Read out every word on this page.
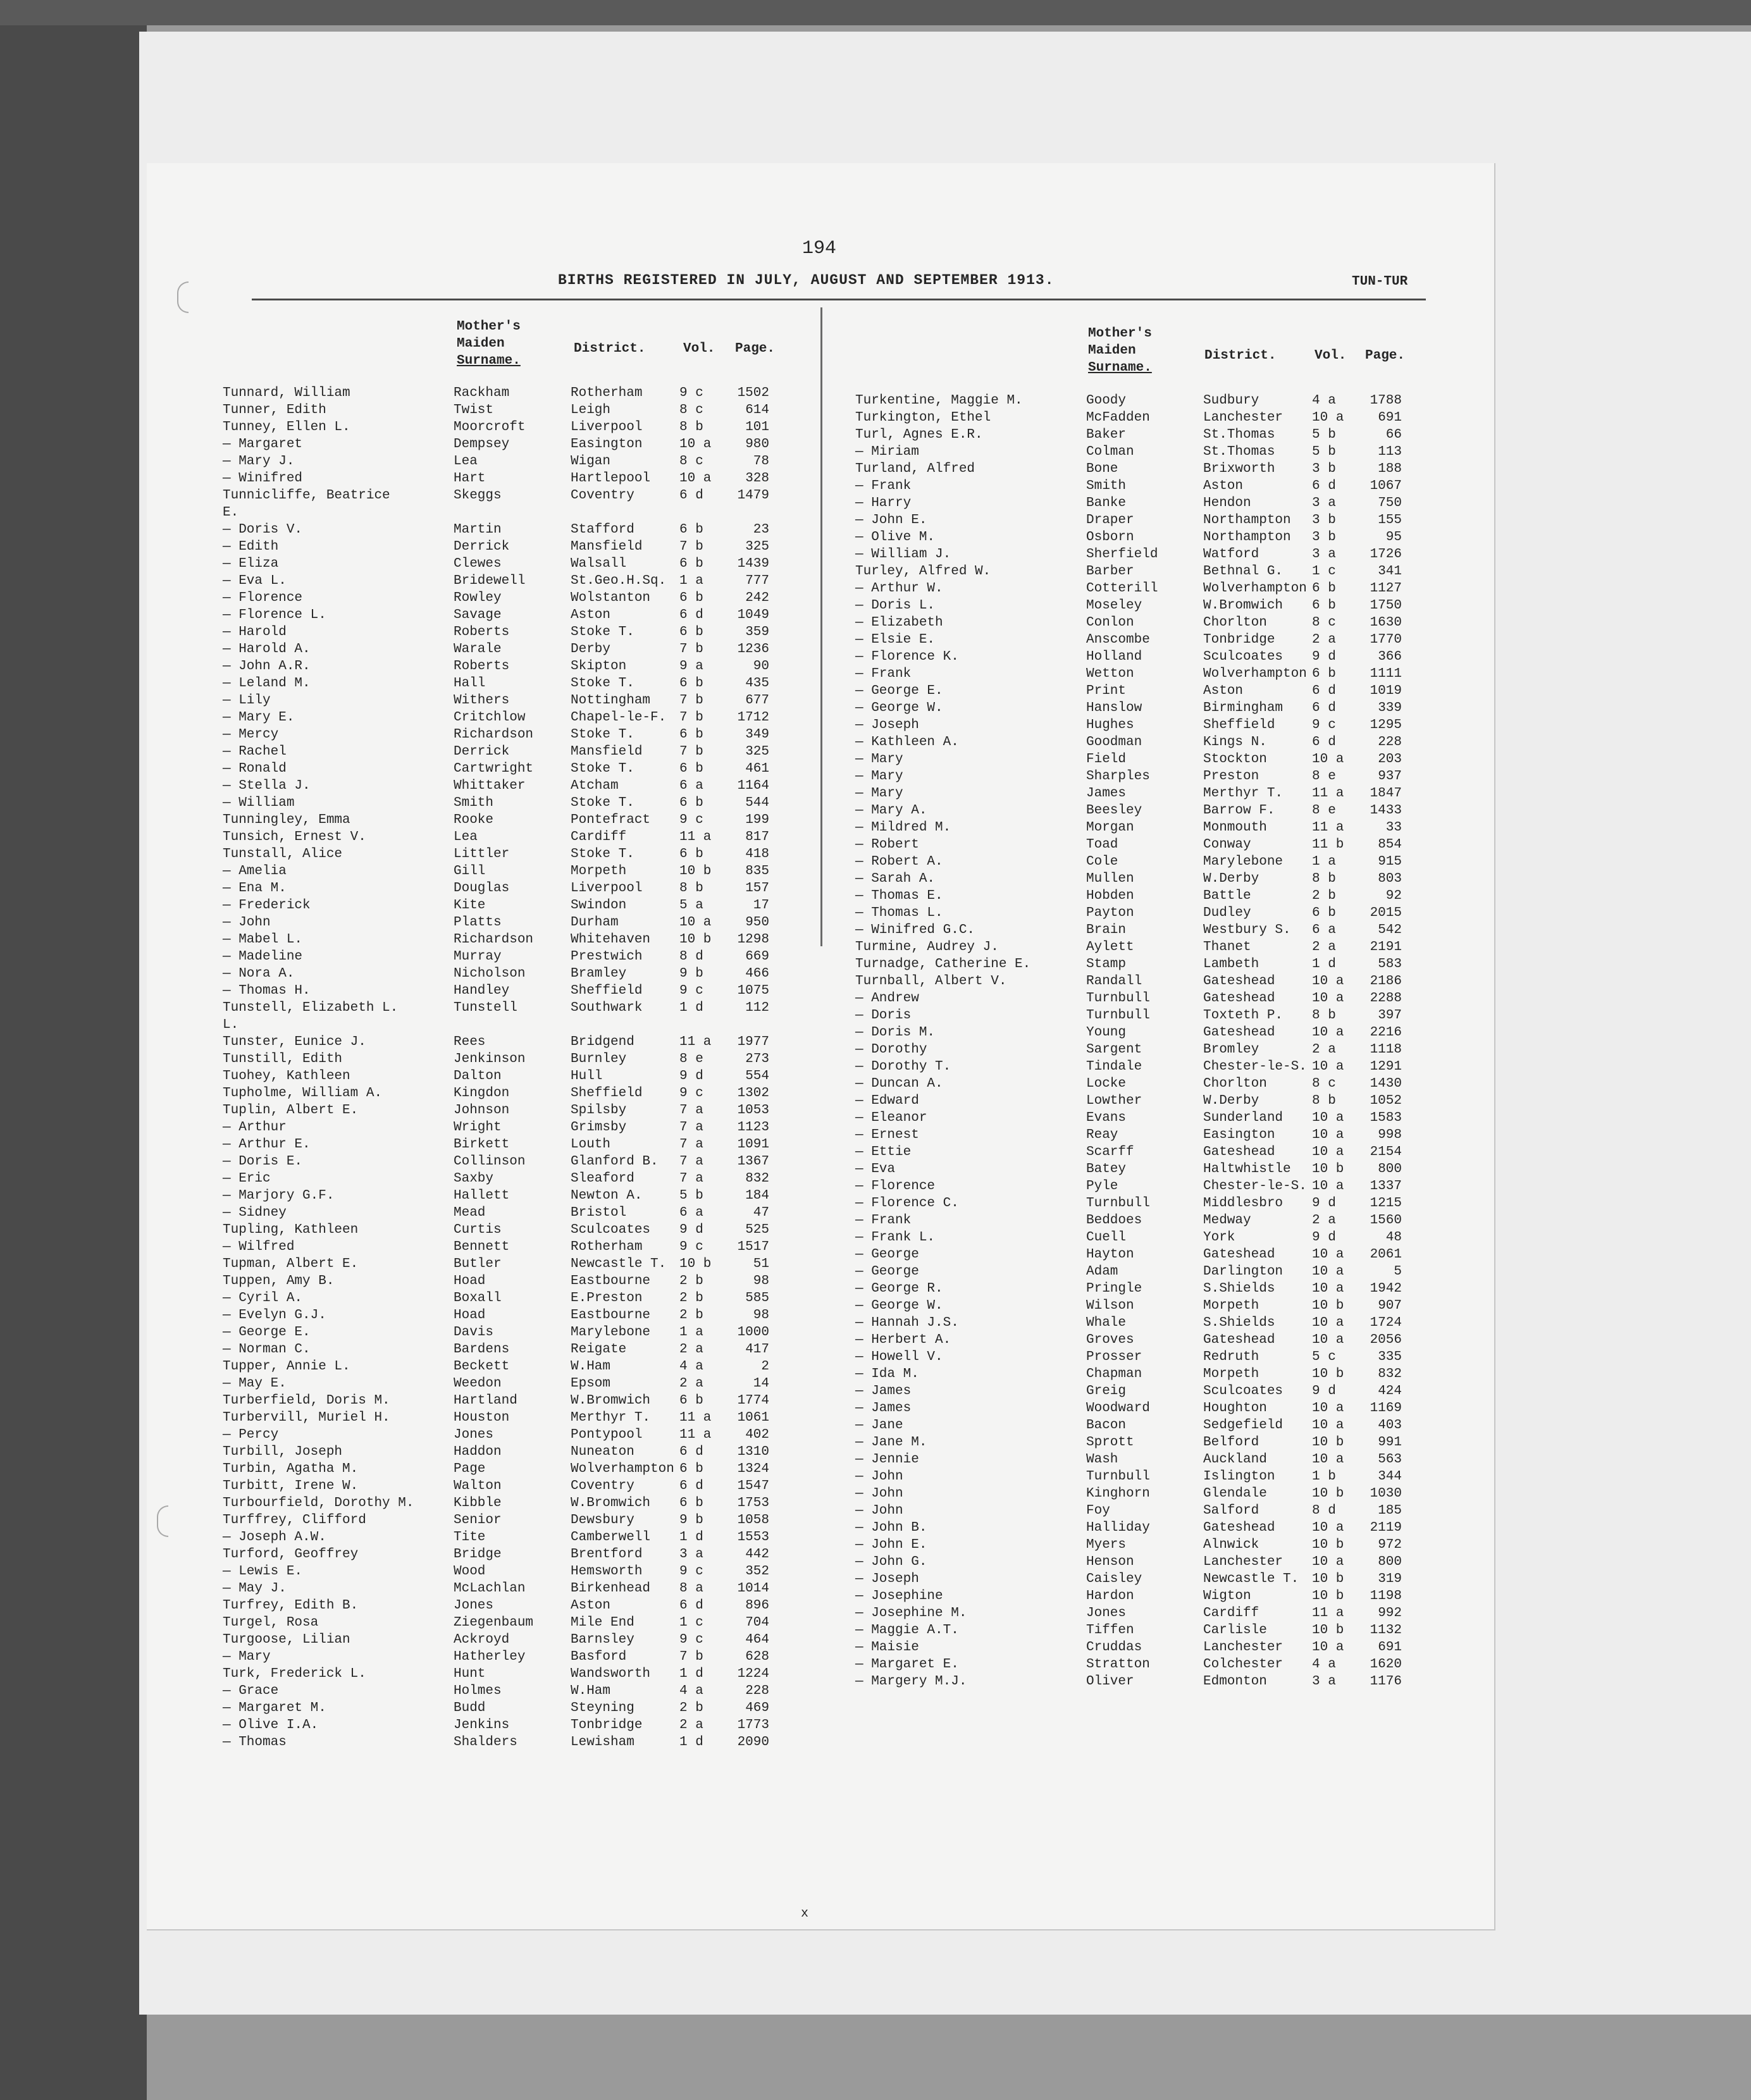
194
BIRTHS REGISTERED IN JULY, AUGUST AND SEPTEMBER 1913.	TUN-TUR
Mother's
Maiden
Surname.
District.	Vol. Page.
Mother's
Maiden
Surname.
District.	Vol. Page.
Tunnard, William	Rackham	Rotherham	9 c	1502
Tunner, Edith	Twist	Leigh	8 c	614
Tunney, Ellen L.	Moorcroft	Liverpool	8 b	101
— Margaret	Dempsey	Easington	10 a	980
— Mary J.	Lea	Wigan	8 c	78
— Winifred	Hart	Hartlepool 10 a	328
Tunnicliffe, Beatrice	Skeggs	Coventry	6 d	1479
E.
— Doris V.	Martin	Stafford	6 b	23
— Edith	Derrick	Mansfield	7 b	325
— Eliza	Clewes	Walsall	6 b	1439
— Eva L.	Bridewell	St.Geo.H.Sq. 1 a	777
— Florence	Rowley	Wolstanton 6 b	242
— Florence L.	Savage	Aston	6 d	1049
— Harold	Roberts	Stoke T.	6 b	359
— Harold A.	Warale	Derby	7 b	1236
— John A.R.	Roberts	Skipton	9 a	90
— Leland M.	Hall	Stoke T.	6 b	435
— Lily	Withers	Nottingham 7 b	677
— Mary E.	Critchlow	Chapel-le-F. 7 b	1712
— Mercy	Richardson	Stoke T.	6 b	349
— Rachel	Derrick	Mansfield	7 b	325
— Ronald	Cartwright	Stoke T.	6 b	461
— Stella J.	Whittaker	Atcham	6 a	1164
— William	Smith	Stoke T.	6 b	544
Tunningley, Emma	Rooke	Pontefract 9 c	199
Tunsich, Ernest V.	Lea	Cardiff	11 a	817
Tunstall, Alice	Littler	Stoke T.	6 b	418
— Amelia	Gill	Morpeth	10 b	835
— Ena M.	Douglas	Liverpool	8 b	157
— Frederick	Kite	Swindon	5 a	17
— John	Platts	Durham	10 a	950
— Mabel L.	Richardson	Whitehaven 10 b	1298
— Madeline	Murray	Prestwich	8 d	669
— Nora A.	Nicholson	Bramley	9 b	466
— Thomas H.	Handley	Sheffield	9 c	1075
Tunstell, Elizabeth L.	Tunstell	Southwark	1 d	112
L.
Tunster, Eunice J.	Rees	Bridgend	11 a	1977
Tunstill, Edith	Jenkinson	Burnley	8 e	273
Tuohey, Kathleen	Dalton	Hull	9 d	554
Tupholme, William A.	Kingdon	Sheffield	9 c	1302
Tuplin, Albert E.	Johnson	Spilsby	7 a	1053
— Arthur	Wright	Grimsby	7 a	1123
— Arthur E.	Birkett	Louth	7 a	1091
— Doris E.	Collinson	Glanford B. 7 a	1367
— Eric	Saxby	Sleaford	7 a	832
— Marjory G.F.	Hallett	Newton A.	5 b	184
— Sidney	Mead	Bristol	6 a	47
Tupling, Kathleen	Curtis	Sculcoates 9 d	525
— Wilfred	Bennett	Rotherham	9 c	1517
Tupman, Albert E.	Butler	Newcastle T. 10 b	51
Tuppen, Amy B.	Hoad	Eastbourne 2 b	98
— Cyril A.	Boxall	E.Preston	2 b	585
— Evelyn G.J.	Hoad	Eastbourne 2 b	98
— George E.	Davis	Marylebone 1 a	1000
— Norman C.	Bardens	Reigate	2 a	417
Tupper, Annie L.	Beckett	W.Ham	4 a	2
— May E.	Weedon	Epsom	2 a	14
Turberfield, Doris M.	Hartland	W.Bromwich 6 b	1774
Turbervill, Muriel H.	Houston	Merthyr T. 11 a	1061
— Percy	Jones	Pontypool	11 a	402
Turbill, Joseph	Haddon	Nuneaton	6 d	1310
Turbin, Agatha M.	Page	Wolverhampton 6 b	1324
Turbitt, Irene W.	Walton	Coventry	6 d	1547
Turbourfield, Dorothy M.	Kibble	W.Bromwich 6 b	1753
Turffrey, Clifford	Senior	Dewsbury	9 b	1058
— Joseph A.W.	Tite	Camberwell 1 d	1553
Turford, Geoffrey	Bridge	Brentford	3 a	442
— Lewis E.	Wood	Hemsworth	9 c	352
— May J.	McLachlan	Birkenhead 8 a	1014
Turfrey, Edith B.	Jones	Aston	6 d	896
Turgel, Rosa	Ziegenbaum	Mile End	1 c	704
Turgoose, Lilian	Ackroyd	Barnsley	9 c	464
— Mary	Hatherley	Basford	7 b	628
Turk, Frederick L.	Hunt	Wandsworth 1 d	1224
— Grace	Holmes	W.Ham	4 a	228
— Margaret M.	Budd	Steyning	2 b	469
— Olive I.A.	Jenkins	Tonbridge	2 a	1773
— Thomas	Shalders	Lewisham	1 d	2090
Turkentine, Maggie M.	Goody	Sudbury	4 a	1788
Turkington, Ethel	McFadden	Lanchester 10 a	691
Turl, Agnes E.R.	Baker	St.Thomas	5 b	66
— Miriam	Colman	St.Thomas	5 b	113
Turland, Alfred	Bone	Brixworth	3 b	188
— Frank	Smith	Aston	6 d	1067
— Harry	Banke	Hendon	3 a	750
— John E.	Draper	Northampton 3 b	155
— Olive M.	Osborn	Northampton 3 b	95
— William J.	Sherfield	Watford	3 a	1726
Turley, Alfred W.	Barber	Bethnal G. 1 c	341
— Arthur W.	Cotterill	Wolverhampton 6 b	1127
— Doris L.	Moseley	W.Bromwich 6 b	1750
— Elizabeth	Conlon	Chorlton	8 c	1630
— Elsie E.	Anscombe	Tonbridge	2 a	1770
— Florence K.	Holland	Sculcoates 9 d	366
— Frank	Wetton	Wolverhampton 6 b	1111
— George E.	Print	Aston	6 d	1019
— George W.	Hanslow	Birmingham 6 d	339
— Joseph	Hughes	Sheffield	9 c	1295
— Kathleen A.	Goodman	Kings N.	6 d	228
— Mary	Field	Stockton	10 a	203
— Mary	Sharples	Preston	8 e	937
— Mary	James	Merthyr T. 11 a	1847
— Mary A.	Beesley	Barrow F.	8 e	1433
— Mildred M.	Morgan	Monmouth	11 a	33
— Robert	Toad	Conway	11 b	854
— Robert A.	Cole	Marylebone 1 a	915
— Sarah A.	Mullen	W.Derby	8 b	803
— Thomas E.	Hobden	Battle	2 b	92
— Thomas L.	Payton	Dudley	6 b	2015
— Winifred G.C.	Brain	Westbury S. 6 a	542
Turmine, Audrey J.	Aylett	Thanet	2 a	2191
Turnadge, Catherine E.	Stamp	Lambeth	1 d	583
Turnball, Albert V.	Randall	Gateshead	10 a	2186
— Andrew	Turnbull	Gateshead	10 a	2288
— Doris	Turnbull	Toxteth P. 8 b	397
— Doris M.	Young	Gateshead	10 a	2216
— Dorothy	Sargent	Bromley	2 a	1118
— Dorothy T.	Tindale	Chester-le-S. 10 a	1291
— Duncan A.	Locke	Chorlton	8 c	1430
— Edward	Lowther	W.Derby	8 b	1052
— Eleanor	Evans	Sunderland 10 a	1583
— Ernest	Reay	Easington	10 a	998
— Ettie	Scarff	Gateshead	10 a	2154
— Eva	Batey	Haltwhistle 10 b	800
— Florence	Pyle	Chester-le-S. 10 a	1337
— Florence C.	Turnbull	Middlesbro 9 d	1215
— Frank	Beddoes	Medway	2 a	1560
— Frank L.	Cuell	York	9 d	48
— George	Hayton	Gateshead	10 a	2061
— George	Adam	Darlington 10 a	5
— George R.	Pringle	S.Shields	10 a	1942
— George W.	Wilson	Morpeth	10 b	907
— Hannah J.S.	Whale	S.Shields	10 a	1724
— Herbert A.	Groves	Gateshead	10 a	2056
— Howell V.	Prosser	Redruth	5 c	335
— Ida M.	Chapman	Morpeth	10 b	832
— James	Greig	Sculcoates 9 d	424
— James	Woodward	Houghton	10 a	1169
— Jane	Bacon	Sedgefield 10 a	403
— Jane M.	Sprott	Belford	10 b	991
— Jennie	Wash	Auckland	10 a	563
— John	Turnbull	Islington	1 b	344
— John	Kinghorn	Glendale	10 b	1030
— John	Foy	Salford	8 d	185
— John B.	Halliday	Gateshead	10 a	2119
— John E.	Myers	Alnwick	10 b	972
— John G.	Henson	Lanchester 10 a	800
— Joseph	Caisley	Newcastle T. 10 b	319
— Josephine	Hardon	Wigton	10 b	1198
— Josephine M.	Jones	Cardiff	11 a	992
— Maggie A.T.	Tiffen	Carlisle	10 b	1132
— Maisie	Cruddas	Lanchester 10 a	691
— Margaret E.	Stratton	Colchester 4 a	1620
— Margery M.J.	Oliver	Edmonton	3 a	1176
x
